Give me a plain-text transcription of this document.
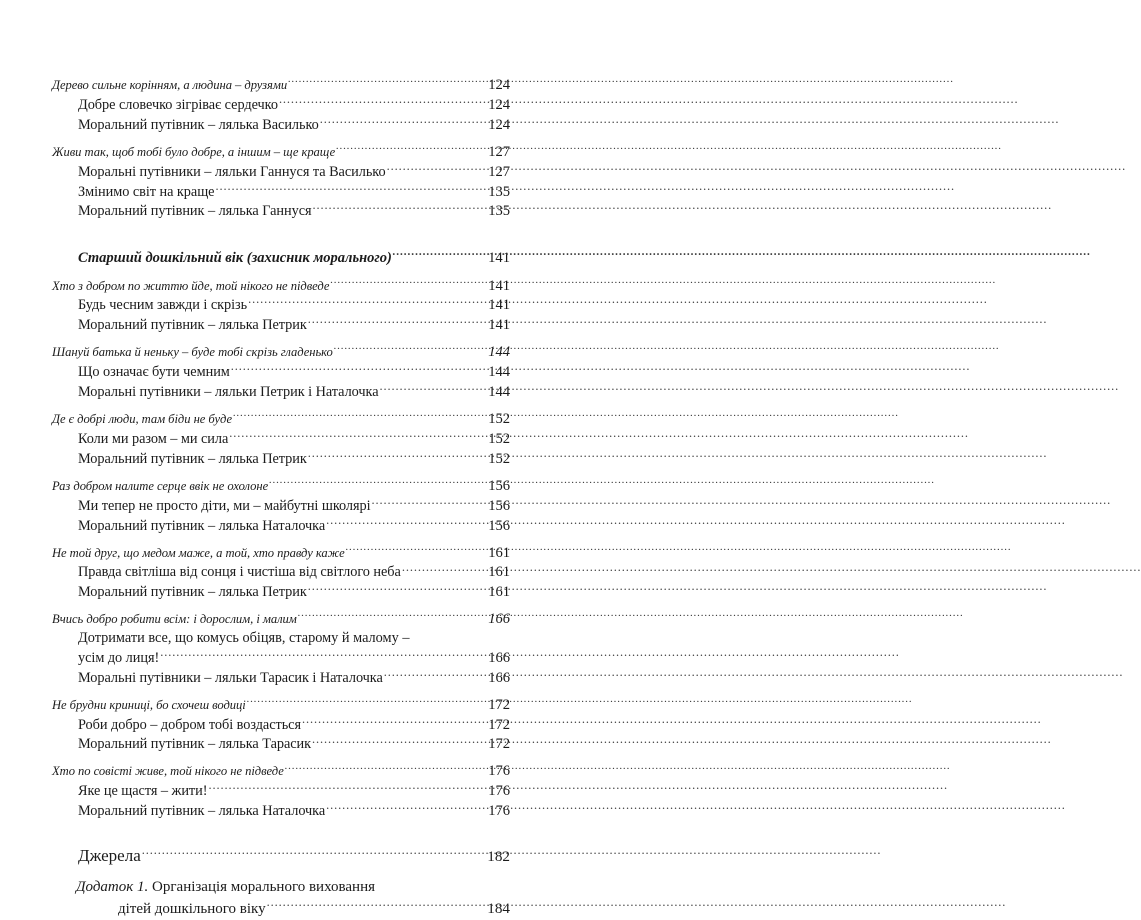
Дерево сильне корінням, а людина – друзями .....	124
Добре словечко зігріває сердечко .....	124
Моральний путівник – лялька Василько .....	124
Живи так, щоб тобі було добре, а іншим – ще краще .....	127
Моральні путівники – ляльки Ганнуся та Василько .....	127
Змінимо світ на краще .....	135
Моральний путівник – лялька Ганнуся .....	135
Старший дошкільний вік (захисник морального) .....	141
Хто з добром по життю йде, той нікого не підведе .....	141
Будь чесним завжди і скрізь .....	141
Моральний путівник – лялька Петрик .....	141
Шануй батька й неньку – буде тобі скрізь гладенько .....	144
Що означає бути чемним .....	144
Моральні путівники – ляльки Петрик і Наталочка .....	144
Де є добрі люди, там біди не буде .....	152
Коли ми разом – ми сила .....	152
Моральний путівник – лялька Петрик .....	152
Раз добром налите серце ввік не охолоне .....	156
Ми тепер не просто діти, ми – майбутні школярі .....	156
Моральний путівник – лялька Наталочка .....	156
Не той друг, що медом маже, а той, хто правду каже .....	161
Правда світліша від сонця і чистіша від світлого неба .....	161
Моральний путівник – лялька Петрик .....	161
Вчись добро робити всім: і дорослим, і малим .....	166
Дотримати все, що комусь обіцяв, старому й малому –
усім до лиця! .....	166
Моральні путівники – ляльки Тарасик і Наталочка .....	166
Не брудни криниці, бо схочеш водиці .....	172
Роби добро – добром тобі воздасться .....	172
Моральний путівник – лялька Тарасик .....	172
Хто по совісті живе, той нікого не підведе .....	176
Яке це щастя – жити! .....	176
Моральний путівник – лялька Наталочка .....	176
Джерела .....	182
Додаток 1. Організація морального виховання
дітей дошкільного віку .....	184
